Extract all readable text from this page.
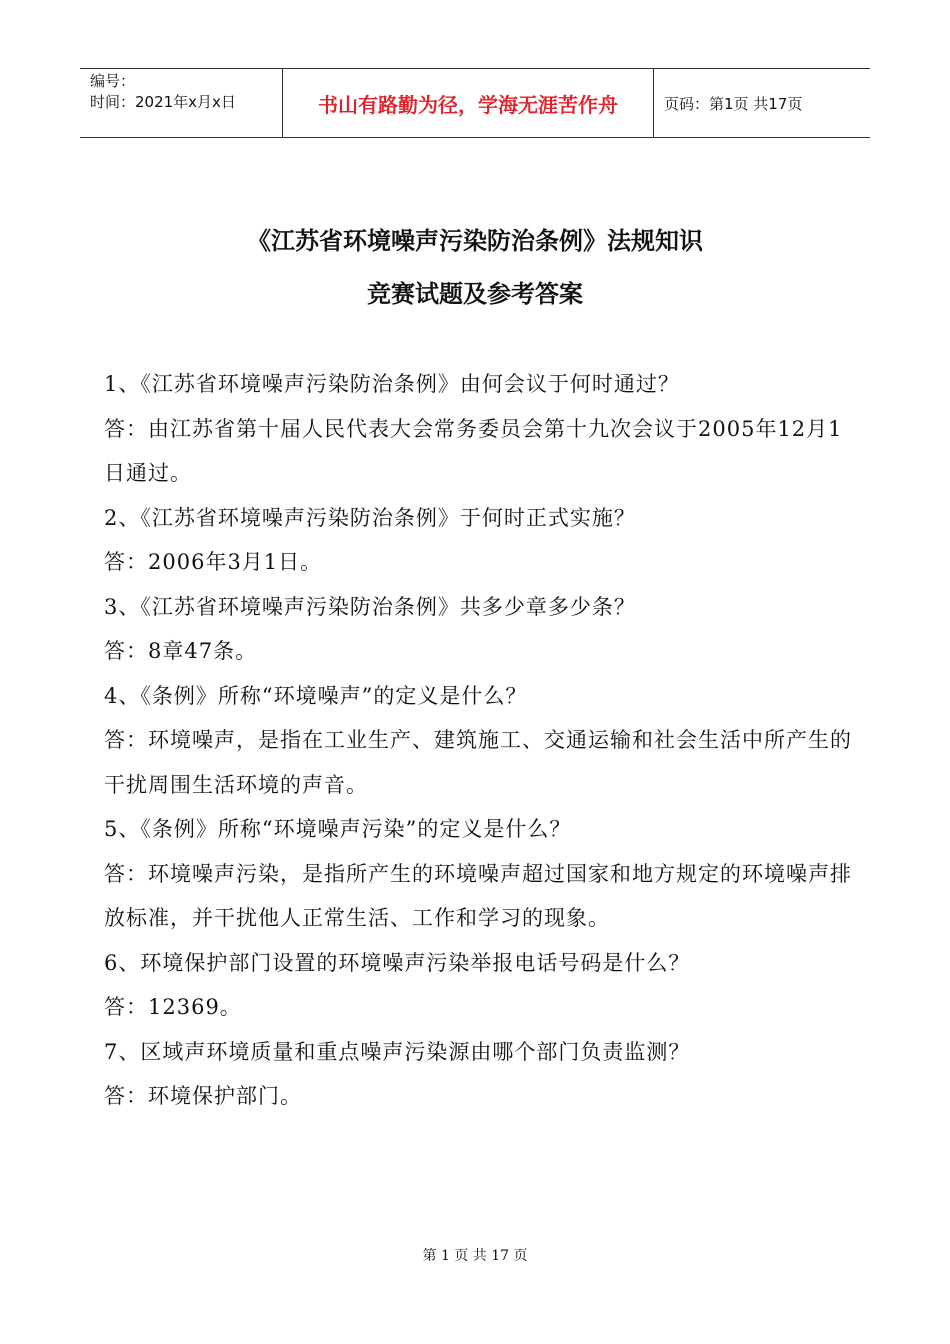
编号：
时间：2021年x月x日	书山有路勤为径，学海无涯苦作舟	页码：第1页 共17页
《江苏省环境噪声污染防治条例》法规知识
竞赛试题及参考答案

1、《江苏省环境噪声污染防治条例》由何会议于何时通过？

答：由江苏省第十届人民代表大会常务委员会第十九次会议于2005年12月1日通过。

2、《江苏省环境噪声污染防治条例》于何时正式实施？

答：2006年3月1日。

3、《江苏省环境噪声污染防治条例》共多少章多少条？

答：8章47条。

4、《条例》所称“环境噪声”的定义是什么？

答：环境噪声，是指在工业生产、建筑施工、交通运输和社会生活中所产生的干扰周围生活环境的声音。

5、《条例》所称“环境噪声污染”的定义是什么？

答：环境噪声污染，是指所产生的环境噪声超过国家和地方规定的环境噪声排放标准，并干扰他人正常生活、工作和学习的现象。

6、环境保护部门设置的环境噪声污染举报电话号码是什么？

答：12369。

7、区域声环境质量和重点噪声污染源由哪个部门负责监测？

答：环境保护部门。

第 1 页 共 17 页
